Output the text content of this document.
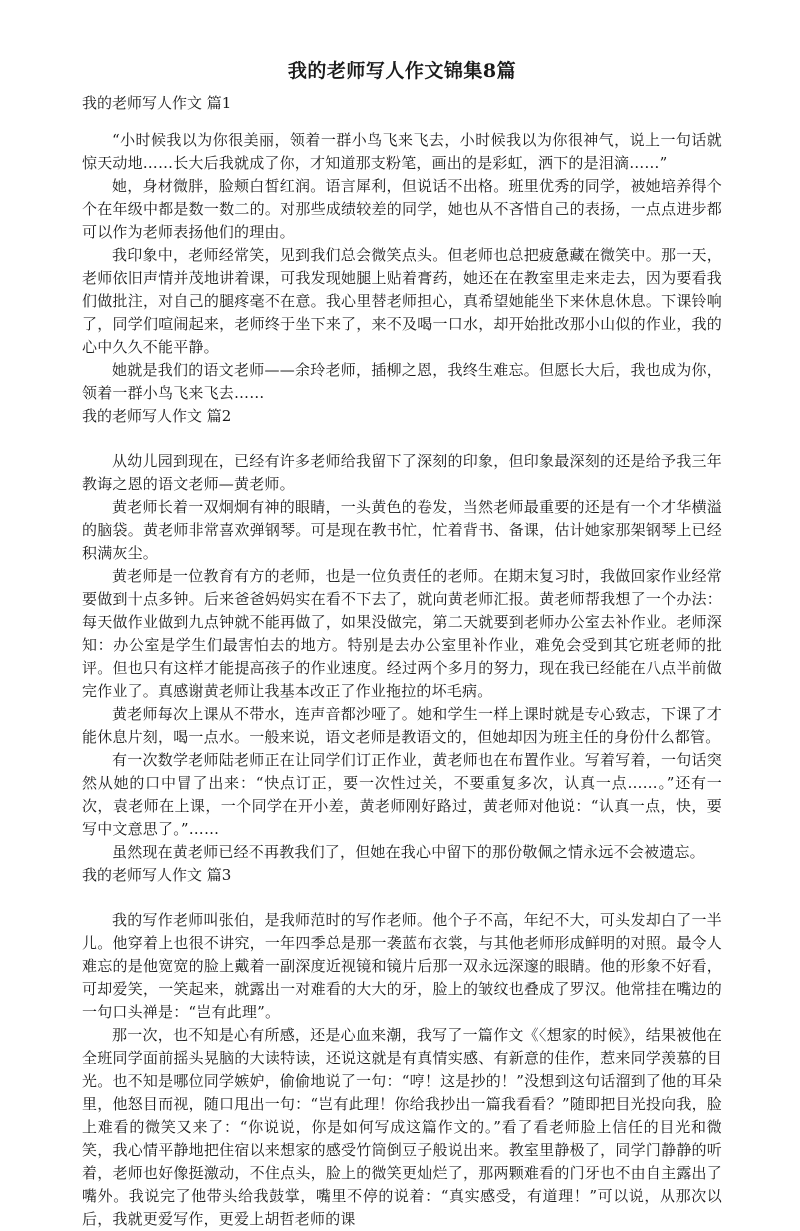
我的老师写人作文锦集8篇
我的老师写人作文 篇1

“小时候我以为你很美丽，领着一群小鸟飞来飞去，小时候我以为你很神气，说上一句话就惊天动地……长大后我就成了你，才知道那支粉笔，画出的是彩虹，洒下的是泪滴……”

她，身材微胖，脸颊白皙红润。语言犀利，但说话不出格。班里优秀的同学，被她培养得个个在年级中都是数一数二的。对那些成绩较差的同学，她也从不吝惜自己的表扬，一点点进步都可以作为老师表扬他们的理由。

我印象中，老师经常笑，见到我们总会微笑点头。但老师也总把疲惫藏在微笑中。那一天，老师依旧声情并茂地讲着课，可我发现她腿上贴着膏药，她还在在教室里走来走去，因为要看我们做批注，对自己的腿疼毫不在意。我心里替老师担心，真希望她能坐下来休息休息。下课铃响了，同学们喧闹起来，老师终于坐下来了，来不及喝一口水，却开始批改那小山似的作业，我的心中久久不能平静。

她就是我们的语文老师——余玲老师，插柳之恩，我终生难忘。但愿长大后，我也成为你，领着一群小鸟飞来飞去……

我的老师写人作文 篇2

从幼儿园到现在，已经有许多老师给我留下了深刻的印象，但印象最深刻的还是给予我三年教诲之恩的语文老师—黄老师。

黄老师长着一双炯炯有神的眼睛，一头黄色的卷发，当然老师最重要的还是有一个才华横溢的脑袋。黄老师非常喜欢弹钢琴。可是现在教书忙，忙着背书、备课，估计她家那架钢琴上已经积满灰尘。

黄老师是一位教育有方的老师，也是一位负责任的老师。在期末复习时，我做回家作业经常要做到十点多钟。后来爸爸妈妈实在看不下去了，就向黄老师汇报。黄老师帮我想了一个办法：每天做作业做到九点钟就不能再做了，如果没做完，第二天就要到老师办公室去补作业。老师深知：办公室是学生们最害怕去的地方。特别是去办公室里补作业，难免会受到其它班老师的批评。但也只有这样才能提高孩子的作业速度。经过两个多月的努力，现在我已经能在八点半前做完作业了。真感谢黄老师让我基本改正了作业拖拉的坏毛病。

黄老师每次上课从不带水，连声音都沙哑了。她和学生一样上课时就是专心致志，下课了才能休息片刻，喝一点水。一般来说，语文老师是教语文的，但她却因为班主任的身份什么都管。

有一次数学老师陆老师正在让同学们订正作业，黄老师也在布置作业。写着写着，一句话突然从她的口中冒了出来：“快点订正，要一次性过关，不要重复多次，认真一点……。”还有一次，袁老师在上课，一个同学在开小差，黄老师刚好路过，黄老师对他说：“认真一点，快，要写中文意思了。”……

虽然现在黄老师已经不再教我们了，但她在我心中留下的那份敬佩之情永远不会被遗忘。

我的老师写人作文 篇3

我的写作老师叫张伯，是我师范时的写作老师。他个子不高，年纪不大，可头发却白了一半儿。他穿着上也很不讲究，一年四季总是那一袭蓝布衣裳，与其他老师形成鲜明的对照。最令人难忘的是他宽宽的脸上戴着一副深度近视镜和镜片后那一双永远深邃的眼睛。他的形象不好看，可却爱笑，一笑起来，就露出一对难看的大大的牙，脸上的皱纹也叠成了罗汉。他常挂在嘴边的一句口头禅是：“岂有此理”。

那一次，也不知是心有所感，还是心血来潮，我写了一篇作文《〈想家的时候》，结果被他在全班同学面前摇头晃脑的大读特读，还说这就是有真情实感、有新意的佳作，惹来同学羡慕的目光。也不知是哪位同学嫉妒，偷偷地说了一句：“哼！这是抄的！”没想到这句话溜到了他的耳朵里，他怒目而视，随口甩出一句：“岂有此理！你给我抄出一篇我看看？”随即把目光投向我，脸上难看的微笑又来了：“你说说，你是如何写成这篇作文的。”看了看老师脸上信任的目光和微笑，我心情平静地把住宿以来想家的感受竹筒倒豆子般说出来。教室里静极了，同学门静静的听着，老师也好像挺激动，不住点头，脸上的微笑更灿烂了，那两颗难看的门牙也不由自主露出了嘴外。我说完了他带头给我鼓掌，嘴里不停的说着：“真实感受，有道理！”可以说，从那次以后，我就更爱写作，更爱上胡哲老师的课
